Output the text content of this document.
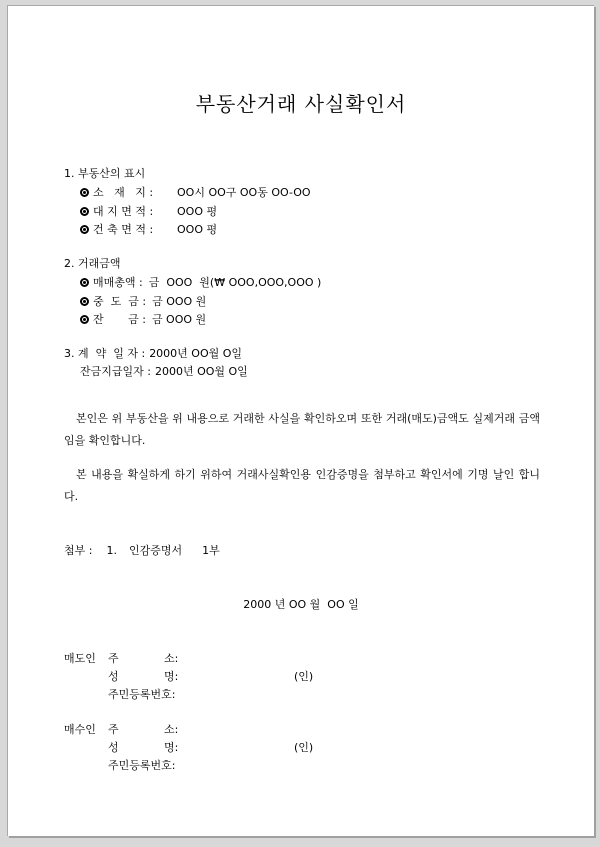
부동산거래 사실확인서
1. 부동산의 표시
소   재   지 : OO시 OO구 OO동 OO-OO
대 지 면 적 : OOO 평
건 축 면 적 : OOO 평
2. 거래금액
매매총액 : 금  OOO  원(₩ OOO,OOO,OOO )
중  도  금 : 금 OOO 원
잔       금 : 금 OOO 원
3. 계  약  일 자 : 2000년 OO월 O일
잔금지급일자 : 2000년 OO월 O일
본인은 위 부동산을 위 내용으로 거래한 사실을 확인하오며 또한 거래(매도)금액도 실제거래 금액임을 확인합니다.
본 내용을 확실하게 하기 위하여 거래사실확인용 인감증명을 첨부하고 확인서에 기명 날인 합니다.
첨부 : 1. 인감증명서 1부
2000 년 OO 월  OO 일
매도인 주	소:
성	명:	(인)
주민등록번호:
매수인 주	소:
성	명:	(인)
주민등록번호:
